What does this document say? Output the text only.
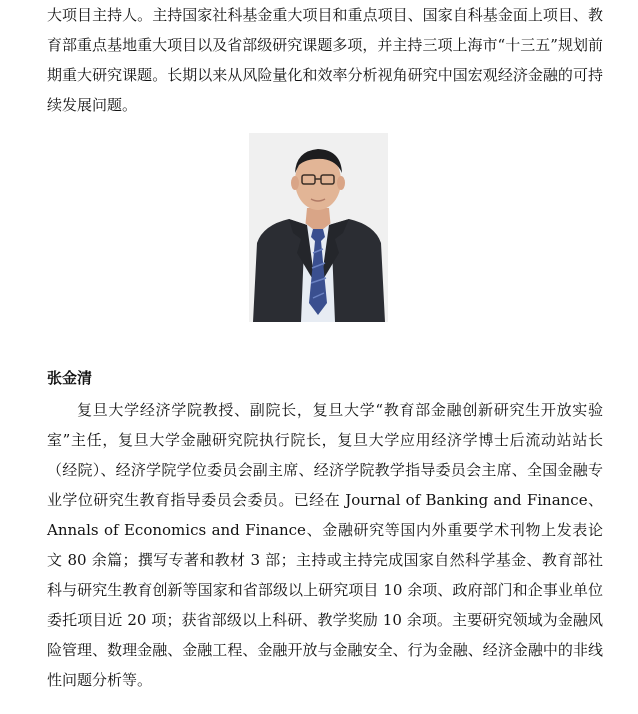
大项目主持人。主持国家社科基金重大项目和重点项目、国家自科基金面上项目、教育部重点基地重大项目以及省部级研究课题多项，并主持三项上海市“十三五”规划前期重大研究课题。长期以来从风险量化和效率分析视角研究中国宏观经济金融的可持续发展问题。

张金清

复旦大学经济学院教授、副院长，复旦大学“教育部金融创新研究生开放实验室”主任，复旦大学金融研究院执行院长，复旦大学应用经济学博士后流动站站长（经院）、经济学院学位委员会副主席、经济学院教学指导委员会主席、全国金融专业学位研究生教育指导委员会委员。已经在 Journal of Banking and Finance、Annals of Economics and Finance、金融研究等国内外重要学术刊物上发表论文 80 余篇；撰写专著和教材 3 部；主持或主持完成国家自然科学基金、教育部社科与研究生教育创新等国家和省部级以上研究项目 10 余项、政府部门和企事业单位委托项目近 20 项；获省部级以上科研、教学奖励 10 余项。主要研究领域为金融风险管理、数理金融、金融工程、金融开放与金融安全、行为金融、经济金融中的非线性问题分析等。
